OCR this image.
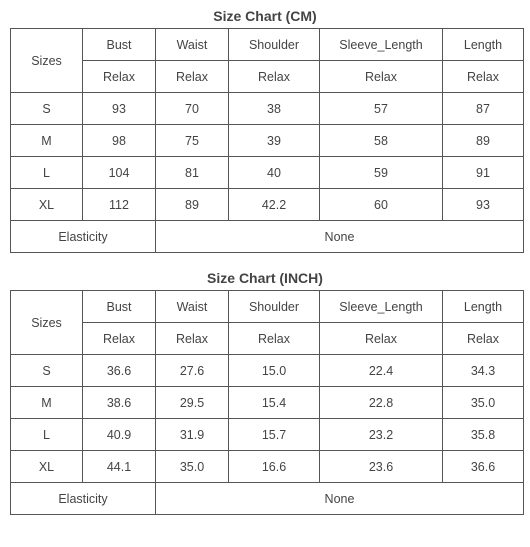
Size Chart (CM)
Sizes	Bust	Waist	Shoulder	Sleeve_Length	Length
	Relax	Relax	Relax	Relax	Relax
S	93	70	38	57	87
M	98	75	39	58	89
L	104	81	40	59	91
XL	112	89	42.2	60	93
Elasticity		None			
Size Chart (INCH)
Sizes	Bust	Waist	Shoulder	Sleeve_Length	Length
	Relax	Relax	Relax	Relax	Relax
S	36.6	27.6	15.0	22.4	34.3
M	38.6	29.5	15.4	22.8	35.0
L	40.9	31.9	15.7	23.2	35.8
XL	44.1	35.0	16.6	23.6	36.6
Elasticity		None			
